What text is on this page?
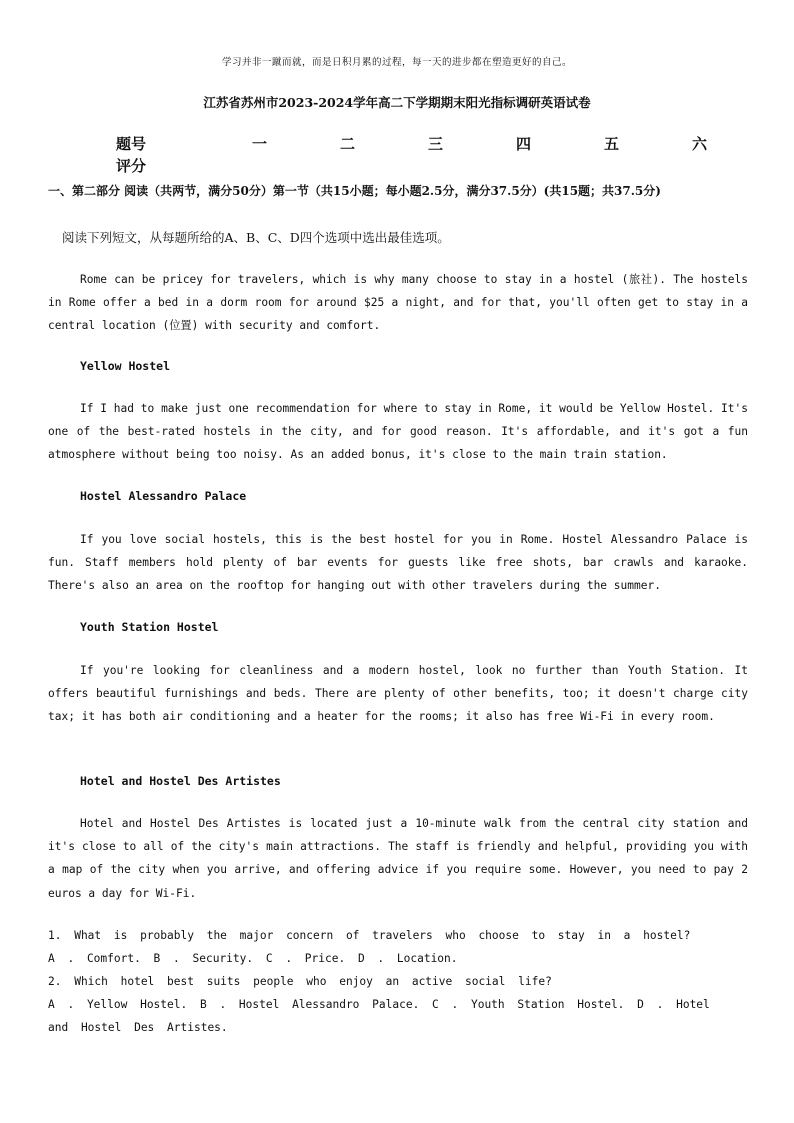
学习并非一蹴而就，而是日积月累的过程，每一天的进步都在塑造更好的自己。
江苏省苏州市2023-2024学年高二下学期期末阳光指标调研英语试卷
题号	一	二	三	四	五	六
评分
一、第二部分 阅读（共两节，满分50分）第一节（共15小题；每小题2.5分，满分37.5分）(共15题；共37.5分)
阅读下列短文，从每题所给的A、B、C、D四个选项中选出最佳选项。
Rome can be pricey for travelers, which is why many choose to stay in a hostel (旅社). The hostels in Rome offer a bed in a dorm room for around $25 a night, and for that, you'll often get to stay in a central location (位置) with security and comfort.
Yellow Hostel
If I had to make just one recommendation for where to stay in Rome, it would be Yellow Hostel. It's one of the best-rated hostels in the city, and for good reason. It's affordable, and it's got a fun atmosphere without being too noisy. As an added bonus, it's close to the main train station.
Hostel Alessandro Palace
If you love social hostels, this is the best hostel for you in Rome. Hostel Alessandro Palace is fun. Staff members hold plenty of bar events for guests like free shots, bar crawls and karaoke. There's also an area on the rooftop for hanging out with other travelers during the summer.
Youth Station Hostel
If you're looking for cleanliness and a modern hostel, look no further than Youth Station. It offers beautiful furnishings and beds. There are plenty of other benefits, too; it doesn't charge city tax; it has both air conditioning and a heater for the rooms; it also has free Wi-Fi in every room.
Hotel and Hostel Des Artistes
Hotel and Hostel Des Artistes is located just a 10-minute walk from the central city station and it's close to all of the city's main attractions. The staff is friendly and helpful, providing you with a map of the city when you arrive, and offering advice if you require some. However, you need to pay 2 euros a day for Wi-Fi.
1. What is probably the major concern of travelers who choose to stay in a hostel?
A . Comfort. B . Security. C . Price. D . Location.
2. Which hotel best suits people who enjoy an active social life?
A . Yellow Hostel. B . Hostel Alessandro Palace. C . Youth Station Hostel. D . Hotel and Hostel Des Artistes.
